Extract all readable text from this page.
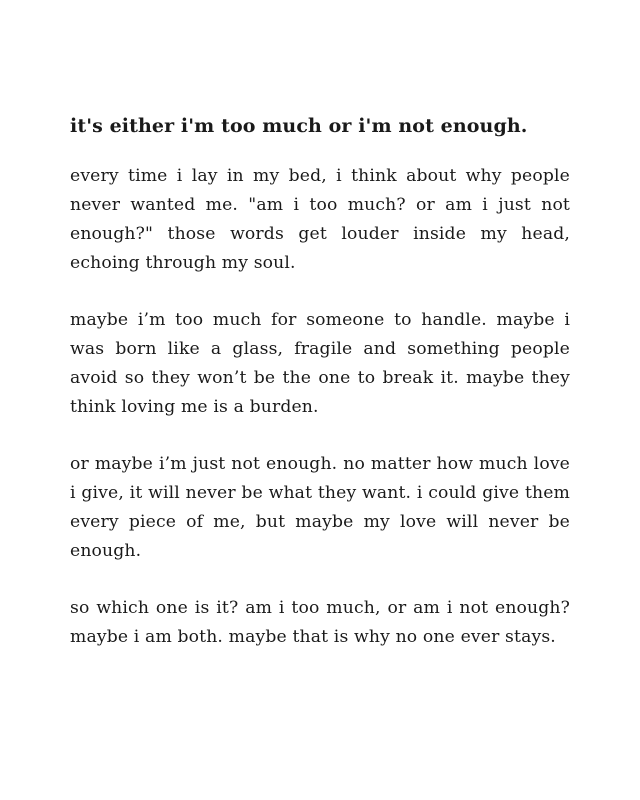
it's either i'm too much or i'm not enough.

every time i lay in my bed, i think about why people never wanted me. "am i too much? or am i just not enough?" those words get louder inside my head, echoing through my soul.

maybe i’m too much for someone to handle. maybe i was born like a glass, fragile and something people avoid so they won’t be the one to break it. maybe they think loving me is a burden.

or maybe i’m just not enough. no matter how much love i give, it will never be what they want. i could give them every piece of me, but maybe my love will never be enough.

so which one is it? am i too much, or am i not enough? maybe i am both. maybe that is why no one ever stays.
